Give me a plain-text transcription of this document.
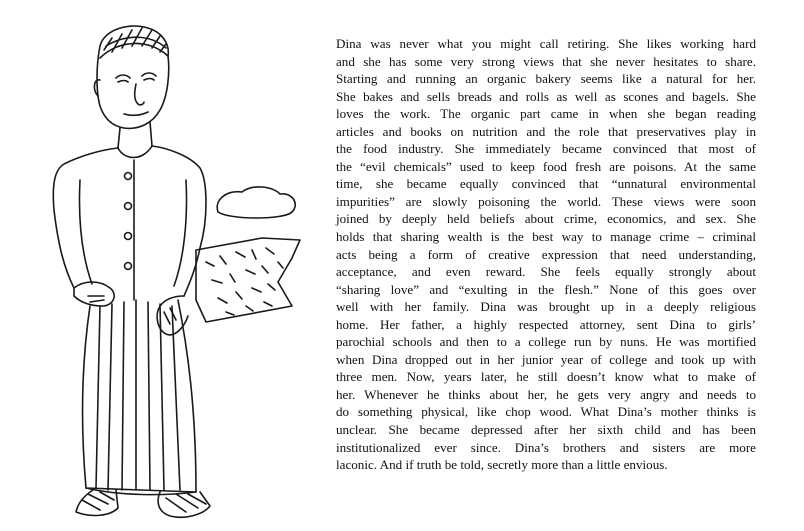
Dina was never what you might call retiring. She likes working hard
and she has some very strong views that she never hesitates to share.
Starting and running an organic bakery seems like a natural for her.
She bakes and sells breads and rolls as well as scones and bagels. She
loves the work. The organic part came in when she began reading
articles and books on nutrition and the role that preservatives play in
the food industry. She immediately became convinced that most of
the “evil chemicals” used to keep food fresh are poisons. At the same
time, she became equally convinced that “unnatural environmental
impurities” are slowly poisoning the world. These views were soon
joined by deeply held beliefs about crime, economics, and sex. She
holds that sharing wealth is the best way to manage crime – criminal
acts being a form of creative expression that need understanding,
acceptance, and even reward. She feels equally strongly about
“sharing love” and “exulting in the flesh.” None of this goes over
well with her family. Dina was brought up in a deeply religious
home. Her father, a highly respected attorney, sent Dina to girls’
parochial schools and then to a college run by nuns. He was mortified
when Dina dropped out in her junior year of college and took up with
three men. Now, years later, he still doesn’t know what to make of
her. Whenever he thinks about her, he gets very angry and needs to
do something physical, like chop wood. What Dina’s mother thinks is
unclear. She became depressed after her sixth child and has been
institutionalized ever since. Dina’s brothers and sisters are more
laconic. And if truth be told, secretly more than a little envious.
